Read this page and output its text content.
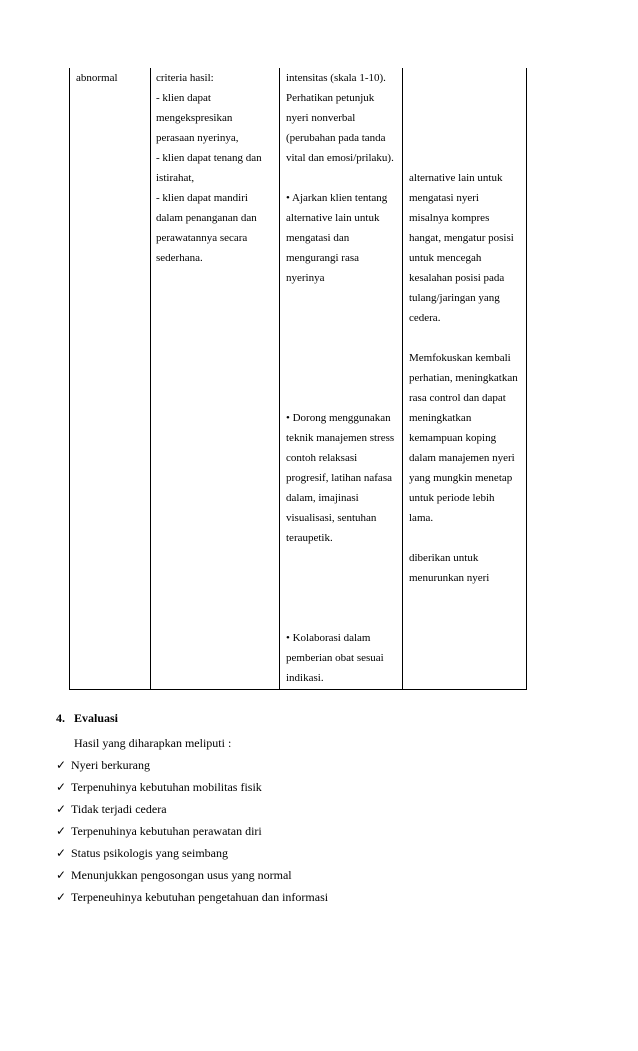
abnormal	criteria hasil:

- klien dapat

mengekspresikan

perasaan nyerinya,

- klien dapat tenang dan

istirahat,

- klien dapat mandiri

dalam penanganan dan

perawatannya secara

sederhana.

intensitas (skala 1-10).

Perhatikan petunjuk

nyeri nonverbal

(perubahan pada tanda

vital dan emosi/prilaku).

• Ajarkan klien tentang

alternative lain untuk

mengatasi dan

mengurangi rasa

nyerinya

• Dorong menggunakan

teknik manajemen stress

contoh relaksasi

progresif, latihan nafasa

dalam, imajinasi

visualisasi, sentuhan

teraupetik.

• Kolaborasi dalam

pemberian obat sesuai

indikasi.

alternative lain untuk

mengatasi nyeri

misalnya kompres

hangat, mengatur posisi

untuk mencegah

kesalahan posisi pada

tulang/jaringan yang

cedera.

Memfokuskan kembali

perhatian, meningkatkan

rasa control dan dapat

meningkatkan

kemampuan koping

dalam manajemen nyeri

yang mungkin menetap

untuk periode lebih

lama.

diberikan untuk

menurunkan nyeri

4. Evaluasi

Hasil yang diharapkan meliputi :

✓ Nyeri berkurang
✓ Terpenuhinya kebutuhan mobilitas fisik
✓ Tidak terjadi cedera
✓ Terpenuhinya kebutuhan perawatan diri
✓ Status psikologis yang seimbang
✓ Menunjukkan pengosongan usus yang normal
✓ Terpeneuhinya kebutuhan pengetahuan dan informasi
